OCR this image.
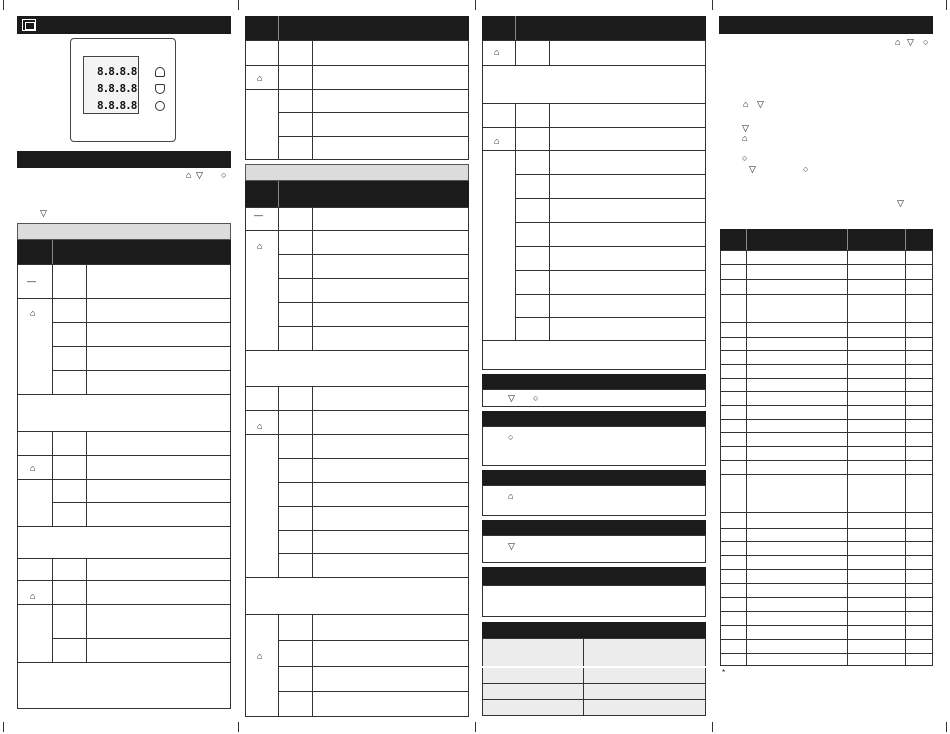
8.8.8.8
8.8.8.8
8.8.8.8
⌂ ▽ ○
▽
—
⌂
⌂
⌂
⌂
—
⌂
⌂
⌂
⌂
⌂
▽ ○
○
⌂
▽
⌂ ▽ ○
⌂ ▽
▽
⌂
○
▽	○
▽
*
